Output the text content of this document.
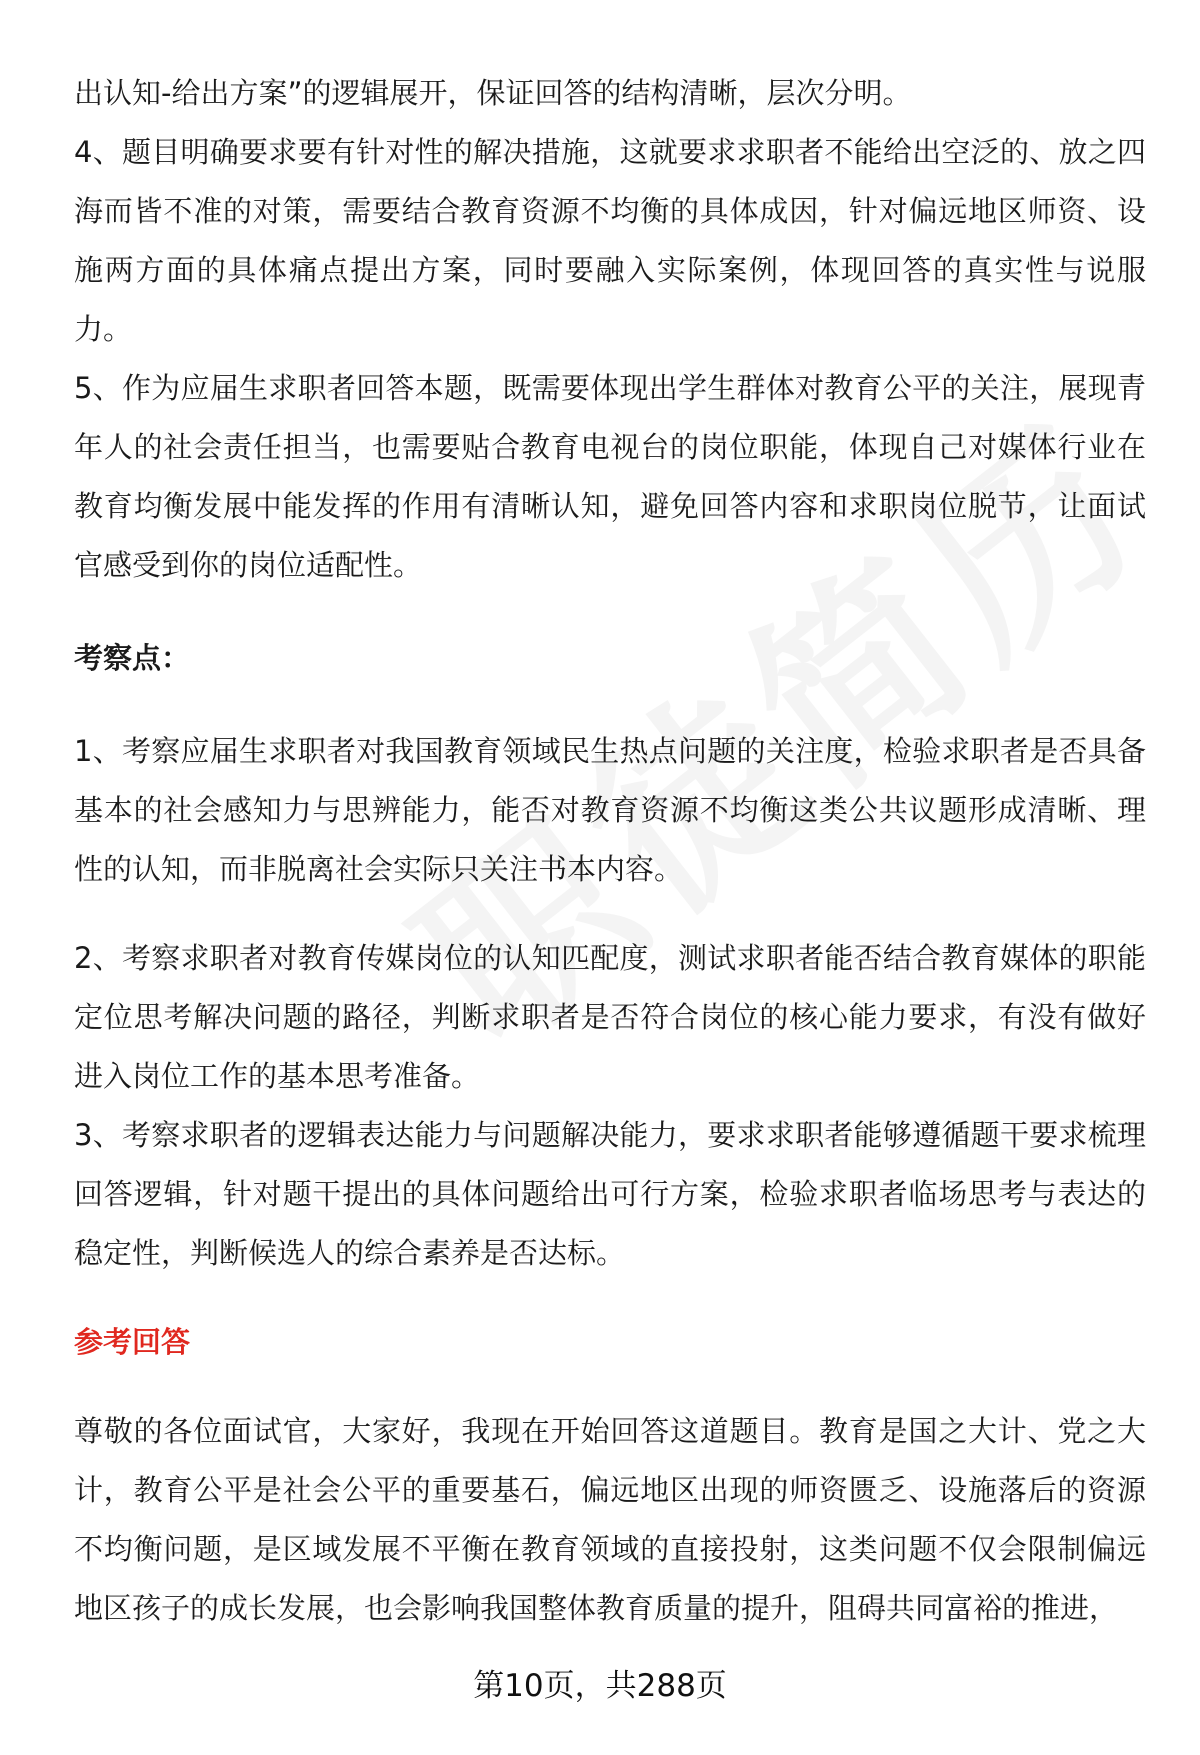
出认知-给出方案”的逻辑展开，保证回答的结构清晰，层次分明。

4、题目明确要求要有针对性的解决措施，这就要求求职者不能给出空泛的、放之四海而皆不准的对策，需要结合教育资源不均衡的具体成因，针对偏远地区师资、设施两方面的具体痛点提出方案，同时要融入实际案例，体现回答的真实性与说服力。

5、作为应届生求职者回答本题，既需要体现出学生群体对教育公平的关注，展现青年人的社会责任担当，也需要贴合教育电视台的岗位职能，体现自己对媒体行业在教育均衡发展中能发挥的作用有清晰认知，避免回答内容和求职岗位脱节，让面试官感受到你的岗位适配性。

考察点：

1、考察应届生求职者对我国教育领域民生热点问题的关注度，检验求职者是否具备基本的社会感知力与思辨能力，能否对教育资源不均衡这类公共议题形成清晰、理性的认知，而非脱离社会实际只关注书本内容。

2、考察求职者对教育传媒岗位的认知匹配度，测试求职者能否结合教育媒体的职能定位思考解决问题的路径，判断求职者是否符合岗位的核心能力要求，有没有做好进入岗位工作的基本思考准备。

3、考察求职者的逻辑表达能力与问题解决能力，要求求职者能够遵循题干要求梳理回答逻辑，针对题干提出的具体问题给出可行方案，检验求职者临场思考与表达的稳定性，判断候选人的综合素养是否达标。

参考回答

尊敬的各位面试官，大家好，我现在开始回答这道题目。教育是国之大计、党之大计，教育公平是社会公平的重要基石，偏远地区出现的师资匮乏、设施落后的资源不均衡问题，是区域发展不平衡在教育领域的直接投射，这类问题不仅会限制偏远地区孩子的成长发展，也会影响我国整体教育质量的提升，阻碍共同富裕的推进，

第10页，共288页
